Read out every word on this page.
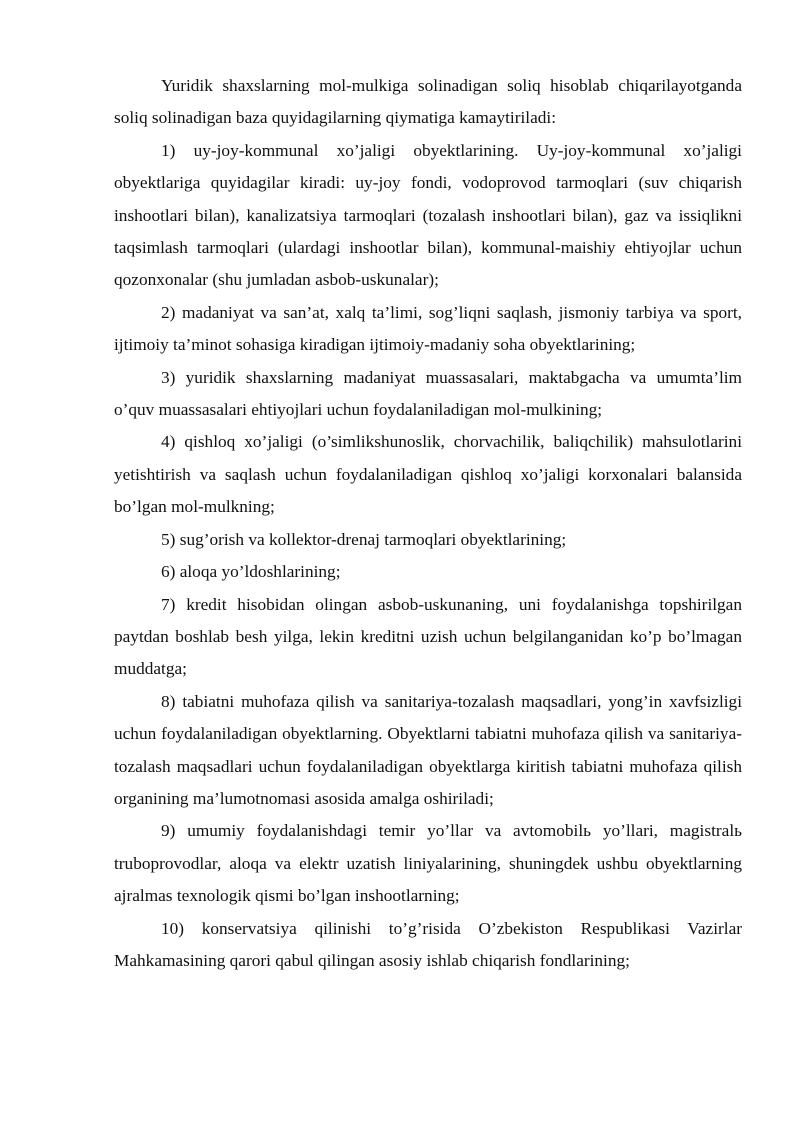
Yuridik shaxslarning mol-mulkiga solinadigan soliq hisoblab chiqarilayotganda soliq solinadigan baza quyidagilarning qiymatiga kamaytiriladi:

1) uy-joy-kommunal xo’jaligi obyektlarining. Uy-joy-kommunal xo’jaligi obyektlariga quyidagilar kiradi: uy-joy fondi, vodoprovod tarmoqlari (suv chiqarish inshootlari bilan), kanalizatsiya tarmoqlari (tozalash inshootlari bilan), gaz va issiqlikni taqsimlash tarmoqlari (ulardagi inshootlar bilan), kommunal-maishiy ehtiyojlar uchun qozonxonalar (shu jumladan asbob-uskunalar);

2) madaniyat va san’at, xalq ta’limi, sog’liqni saqlash, jismoniy tarbiya va sport, ijtimoiy ta’minot sohasiga kiradigan ijtimoiy-madaniy soha obyektlarining;

3) yuridik shaxslarning madaniyat muassasalari, maktabgacha va umumta’lim o’quv muassasalari ehtiyojlari uchun foydalaniladigan mol-mulkining;

4) qishloq xo’jaligi (o’simlikshunoslik, chorvachilik, baliqchilik) mahsulotlarini yetishtirish va saqlash uchun foydalaniladigan qishloq xo’jaligi korxonalari balansida bo’lgan mol-mulkning;

5) sug’orish va kollektor-drenaj tarmoqlari obyektlarining;

6) aloqa yo’ldoshlarining;

7) kredit hisobidan olingan asbob-uskunaning, uni foydalanishga topshirilgan paytdan boshlab besh yilga, lekin kreditni uzish uchun belgilanganidan ko’p bo’lmagan muddatga;

8) tabiatni muhofaza qilish va sanitariya-tozalash maqsadlari, yong’in xavfsizligi uchun foydalaniladigan obyektlarning. Obyektlarni tabiatni muhofaza qilish va sanitariya-tozalash maqsadlari uchun foydalaniladigan obyektlarga kiritish tabiatni muhofaza qilish organining ma’lumotnomasi asosida amalga oshiriladi;

9) umumiy foydalanishdagi temir yo’llar va avtomobilь yo’llari, magistralь truboprovodlar, aloqa va elektr uzatish liniyalarining, shuningdek ushbu obyektlarning ajralmas texnologik qismi bo’lgan inshootlarning;

10) konservatsiya qilinishi to’g’risida O’zbekiston Respublikasi Vazirlar Mahkamasining qarori qabul qilingan asosiy ishlab chiqarish fondlarining;
